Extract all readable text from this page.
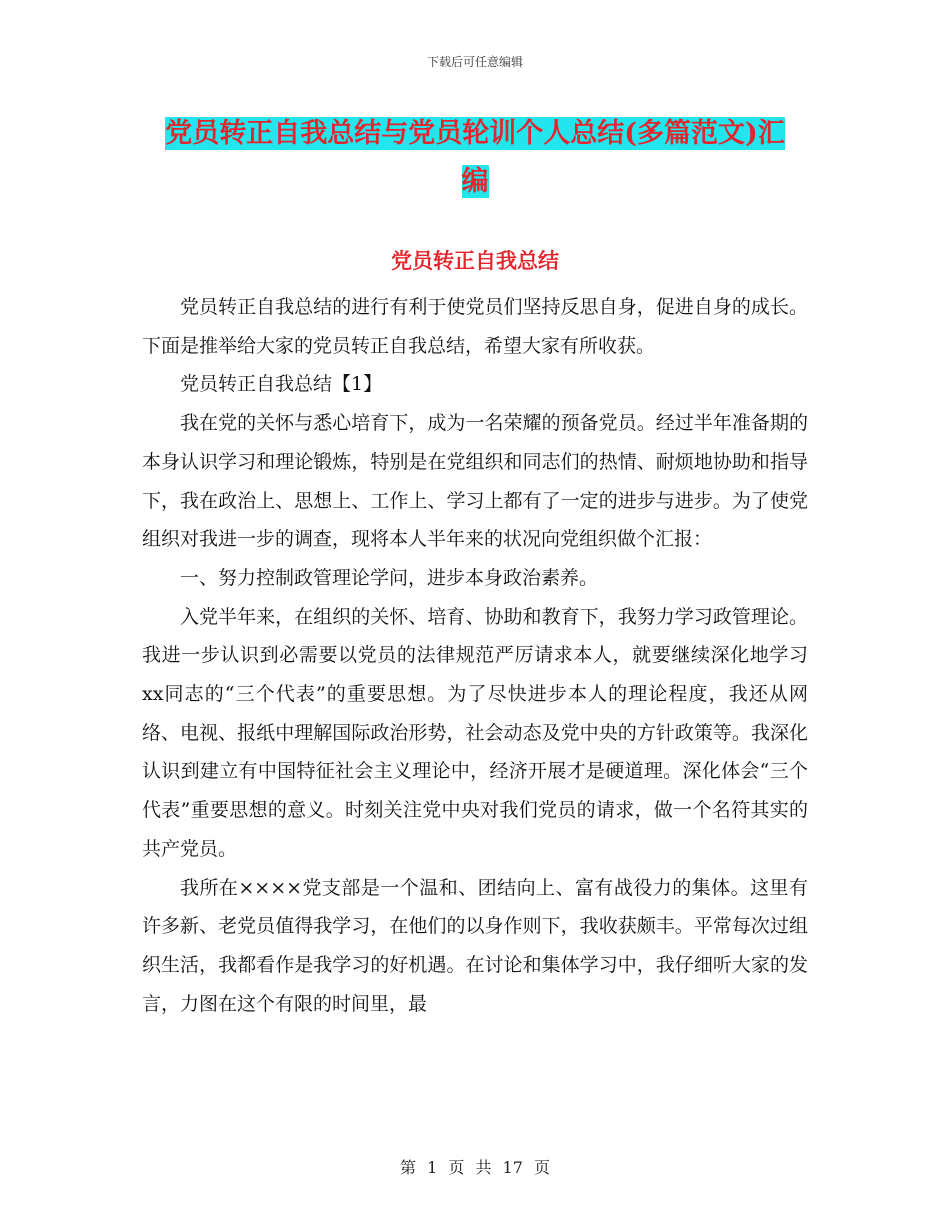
下载后可任意编辑
党员转正自我总结与党员轮训个人总结(多篇范文)汇
编
党员转正自我总结

党员转正自我总结的进行有利于使党员们坚持反思自身，促进自身的成长。下面是推举给大家的党员转正自我总结，希望大家有所收获。

党员转正自我总结【1】

我在党的关怀与悉心培育下，成为一名荣耀的预备党员。经过半年准备期的本身认识学习和理论锻炼，特别是在党组织和同志们的热情、耐烦地协助和指导下，我在政治上、思想上、工作上、学习上都有了一定的进步与进步。为了使党组织对我进一步的调查，现将本人半年来的状况向党组织做个汇报：

一、努力控制政管理论学问，进步本身政治素养。

入党半年来，在组织的关怀、培育、协助和教育下，我努力学习政管理论。我进一步认识到必需要以党员的法律规范严厉请求本人，就要继续深化地学习xx同志的“三个代表”的重要思想。为了尽快进步本人的理论程度，我还从网络、电视、报纸中理解国际政治形势，社会动态及党中央的方针政策等。我深化认识到建立有中国特征社会主义理论中，经济开展才是硬道理。深化体会“三个代表”重要思想的意义。时刻关注党中央对我们党员的请求，做一个名符其实的共产党员。

我所在××××党支部是一个温和、团结向上、富有战役力的集体。这里有许多新、老党员值得我学习，在他们的以身作则下，我收获颇丰。平常每次过组织生活，我都看作是我学习的好机遇。在讨论和集体学习中，我仔细听大家的发言，力图在这个有限的时间里，最

第 1 页 共 17 页
